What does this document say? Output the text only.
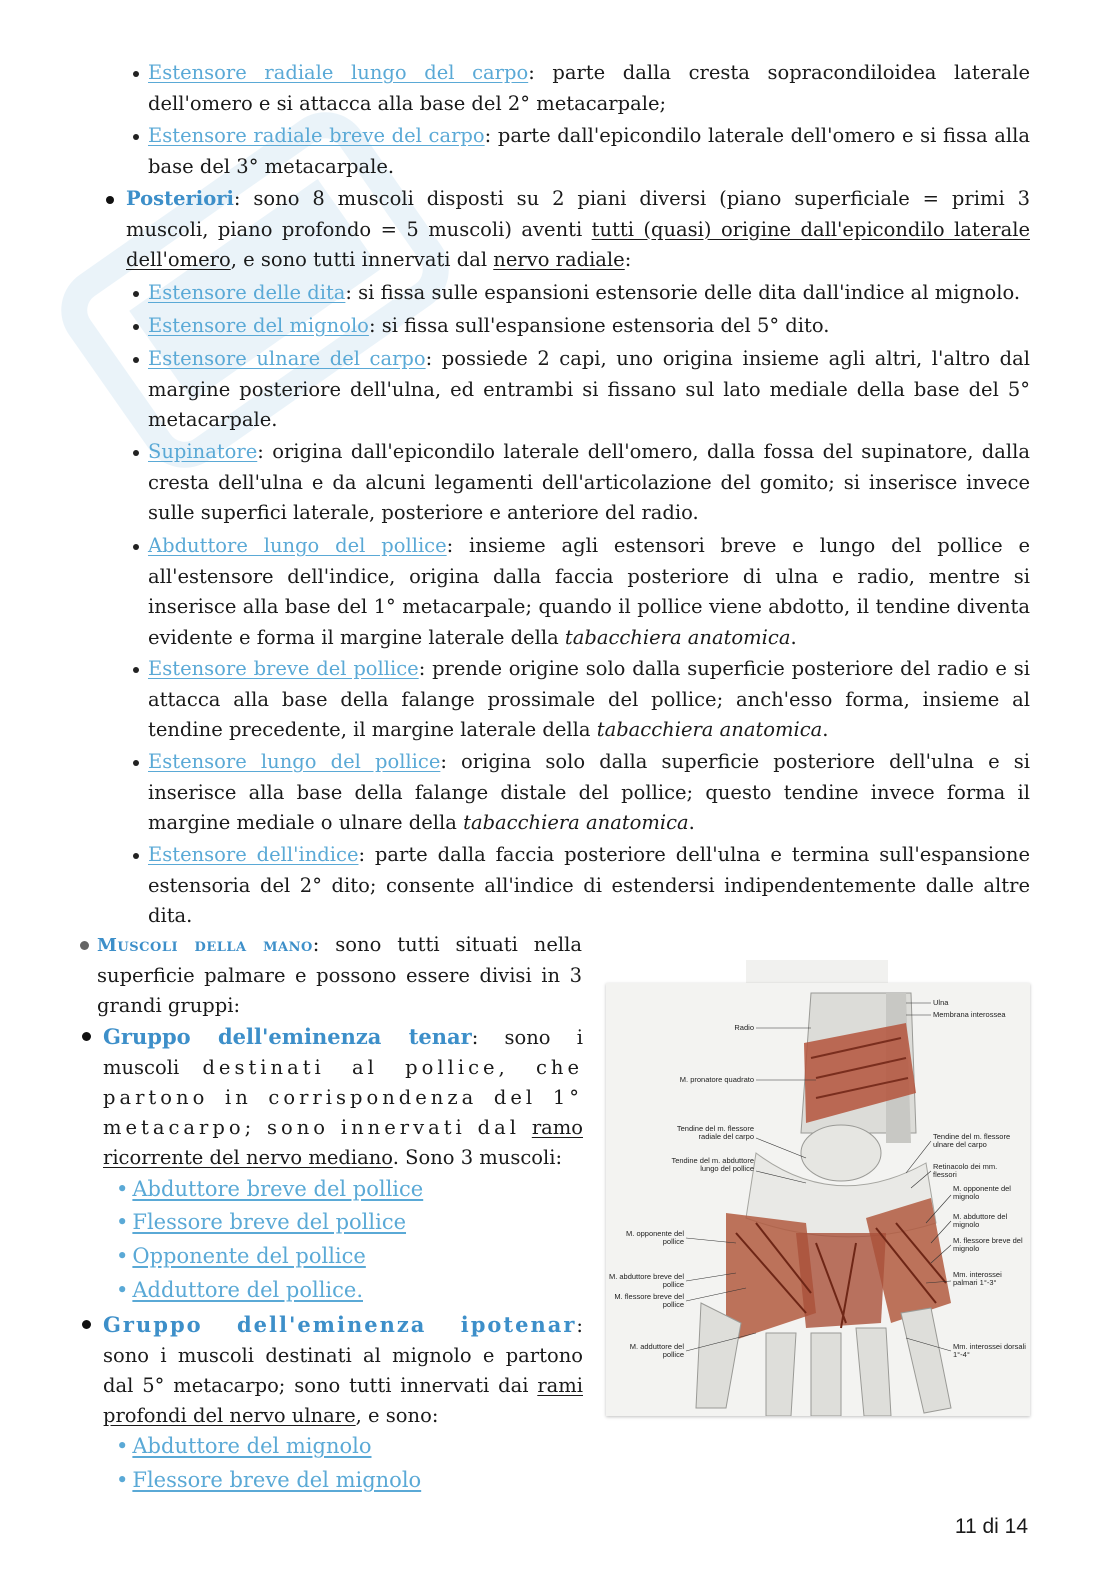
Estensore radiale lungo del carpo: parte dalla cresta sopracondiloidea laterale dell'omero e si attacca alla base del 2° metacarpale;
Estensore radiale breve del carpo: parte dall'epicondilo laterale dell'omero e si fissa alla base del 3° metacarpale.
Posteriori: sono 8 muscoli disposti su 2 piani diversi (piano superficiale = primi 3 muscoli, piano profondo = 5 muscoli) aventi tutti (quasi) origine dall'epicondilo laterale dell'omero, e sono tutti innervati dal nervo radiale:
Estensore delle dita: si fissa sulle espansioni estensorie delle dita dall'indice al mignolo.
Estensore del mignolo: si fissa sull'espansione estensoria del 5° dito.
Estensore ulnare del carpo: possiede 2 capi, uno origina insieme agli altri, l'altro dal margine posteriore dell'ulna, ed entrambi si fissano sul lato mediale della base del 5° metacarpale.
Supinatore: origina dall'epicondilo laterale dell'omero, dalla fossa del supinatore, dalla cresta dell'ulna e da alcuni legamenti dell'articolazione del gomito; si inserisce invece sulle superfici laterale, posteriore e anteriore del radio.
Abduttore lungo del pollice: insieme agli estensori breve e lungo del pollice e all'estensore dell'indice, origina dalla faccia posteriore di ulna e radio, mentre si inserisce alla base del 1° metacarpale; quando il pollice viene abdotto, il tendine diventa evidente e forma il margine laterale della tabacchiera anatomica.
Estensore breve del pollice: prende origine solo dalla superficie posteriore del radio e si attacca alla base della falange prossimale del pollice; anch'esso forma, insieme al tendine precedente, il margine laterale della tabacchiera anatomica.
Estensore lungo del pollice: origina solo dalla superficie posteriore dell'ulna e si inserisce alla base della falange distale del pollice; questo tendine invece forma il margine mediale o ulnare della tabacchiera anatomica.
Estensore dell'indice: parte dalla faccia posteriore dell'ulna e termina sull'espansione estensoria del 2° dito; consente all'indice di estendersi indipendentemente dalle altre dita.
Muscoli della mano: sono tutti situati nella superficie palmare e possono essere divisi in 3 grandi gruppi:
Gruppo dell'eminenza tenar: sono i muscoli destinati al pollice, che partono in corrispondenza del 1° metacarpo; sono innervati dal ramo ricorrente del nervo mediano. Sono 3 muscoli:
• Abduttore breve del pollice
• Flessore breve del pollice
• Opponente del pollice
• Adduttore del pollice.
Gruppo dell'eminenza ipotenar: sono i muscoli destinati al mignolo e partono dal 5° metacarpo; sono tutti innervati dai rami profondi del nervo ulnare, e sono:
• Abduttore del mignolo
• Flessore breve del mignolo
Ulna
Membrana interossea
Radio
M. pronatore quadrato
Tendine del m. flessore radiale del carpo
Tendine del m. abduttore lungo del pollice
Tendine del m. flessore ulnare del carpo
Retinacolo dei mm. flessori
M. opponente del mignolo
M. abduttore del mignolo
M. flessore breve del mignolo
M. opponente del pollice
M. abduttore breve del pollice
M. flessore breve del pollice
Mm. interossei palmari 1°-3°
M. adduttore del pollice
Mm. interossei dorsali 1°-4°
11 di 14
